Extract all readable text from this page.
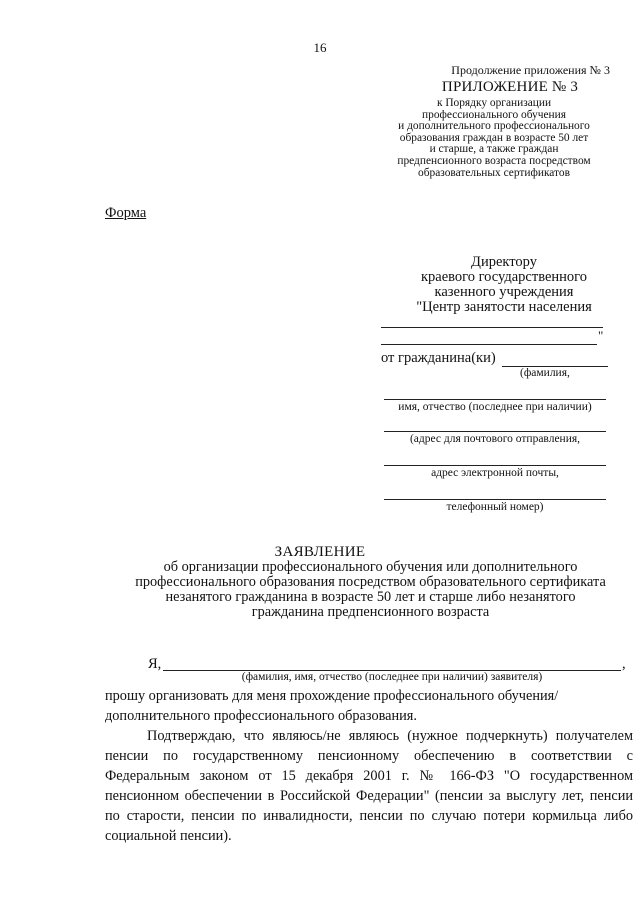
16
Продолжение приложения № 3
ПРИЛОЖЕНИЕ № 3
к Порядку организации
профессионального обучения
и дополнительного профессионального
образования граждан в возрасте 50 лет
и старше, а также граждан
предпенсионного возраста посредством
образовательных сертификатов
Форма
Директору
краевого государственного
казенного учреждения
"Центр занятости населения
"
от гражданина(ки)
(фамилия,
имя, отчество (последнее при наличии)
(адрес для почтового отправления,
адрес электронной почты,
телефонный номер)
ЗАЯВЛЕНИЕ
об организации профессионального обучения или дополнительного
профессионального образования посредством образовательного сертификата
незанятого гражданина в возрасте 50 лет и старше либо незанятого
гражданина предпенсионного возраста
Я,	,
(фамилия, имя, отчество (последнее при наличии) заявителя)
прошу организовать для меня прохождение профессионального обучения/
дополнительного профессионального образования.
Подтверждаю, что являюсь/не являюсь (нужное подчеркнуть) получателем пенсии по государственному пенсионному обеспечению в соответствии с Федеральным законом от 15 декабря 2001 г. № 166-ФЗ "О государственном пенсионном обеспечении в Российской Федерации" (пенсии за выслугу лет, пенсии по старости, пенсии по инвалидности, пенсии по случаю потери кормильца либо социальной пенсии).
